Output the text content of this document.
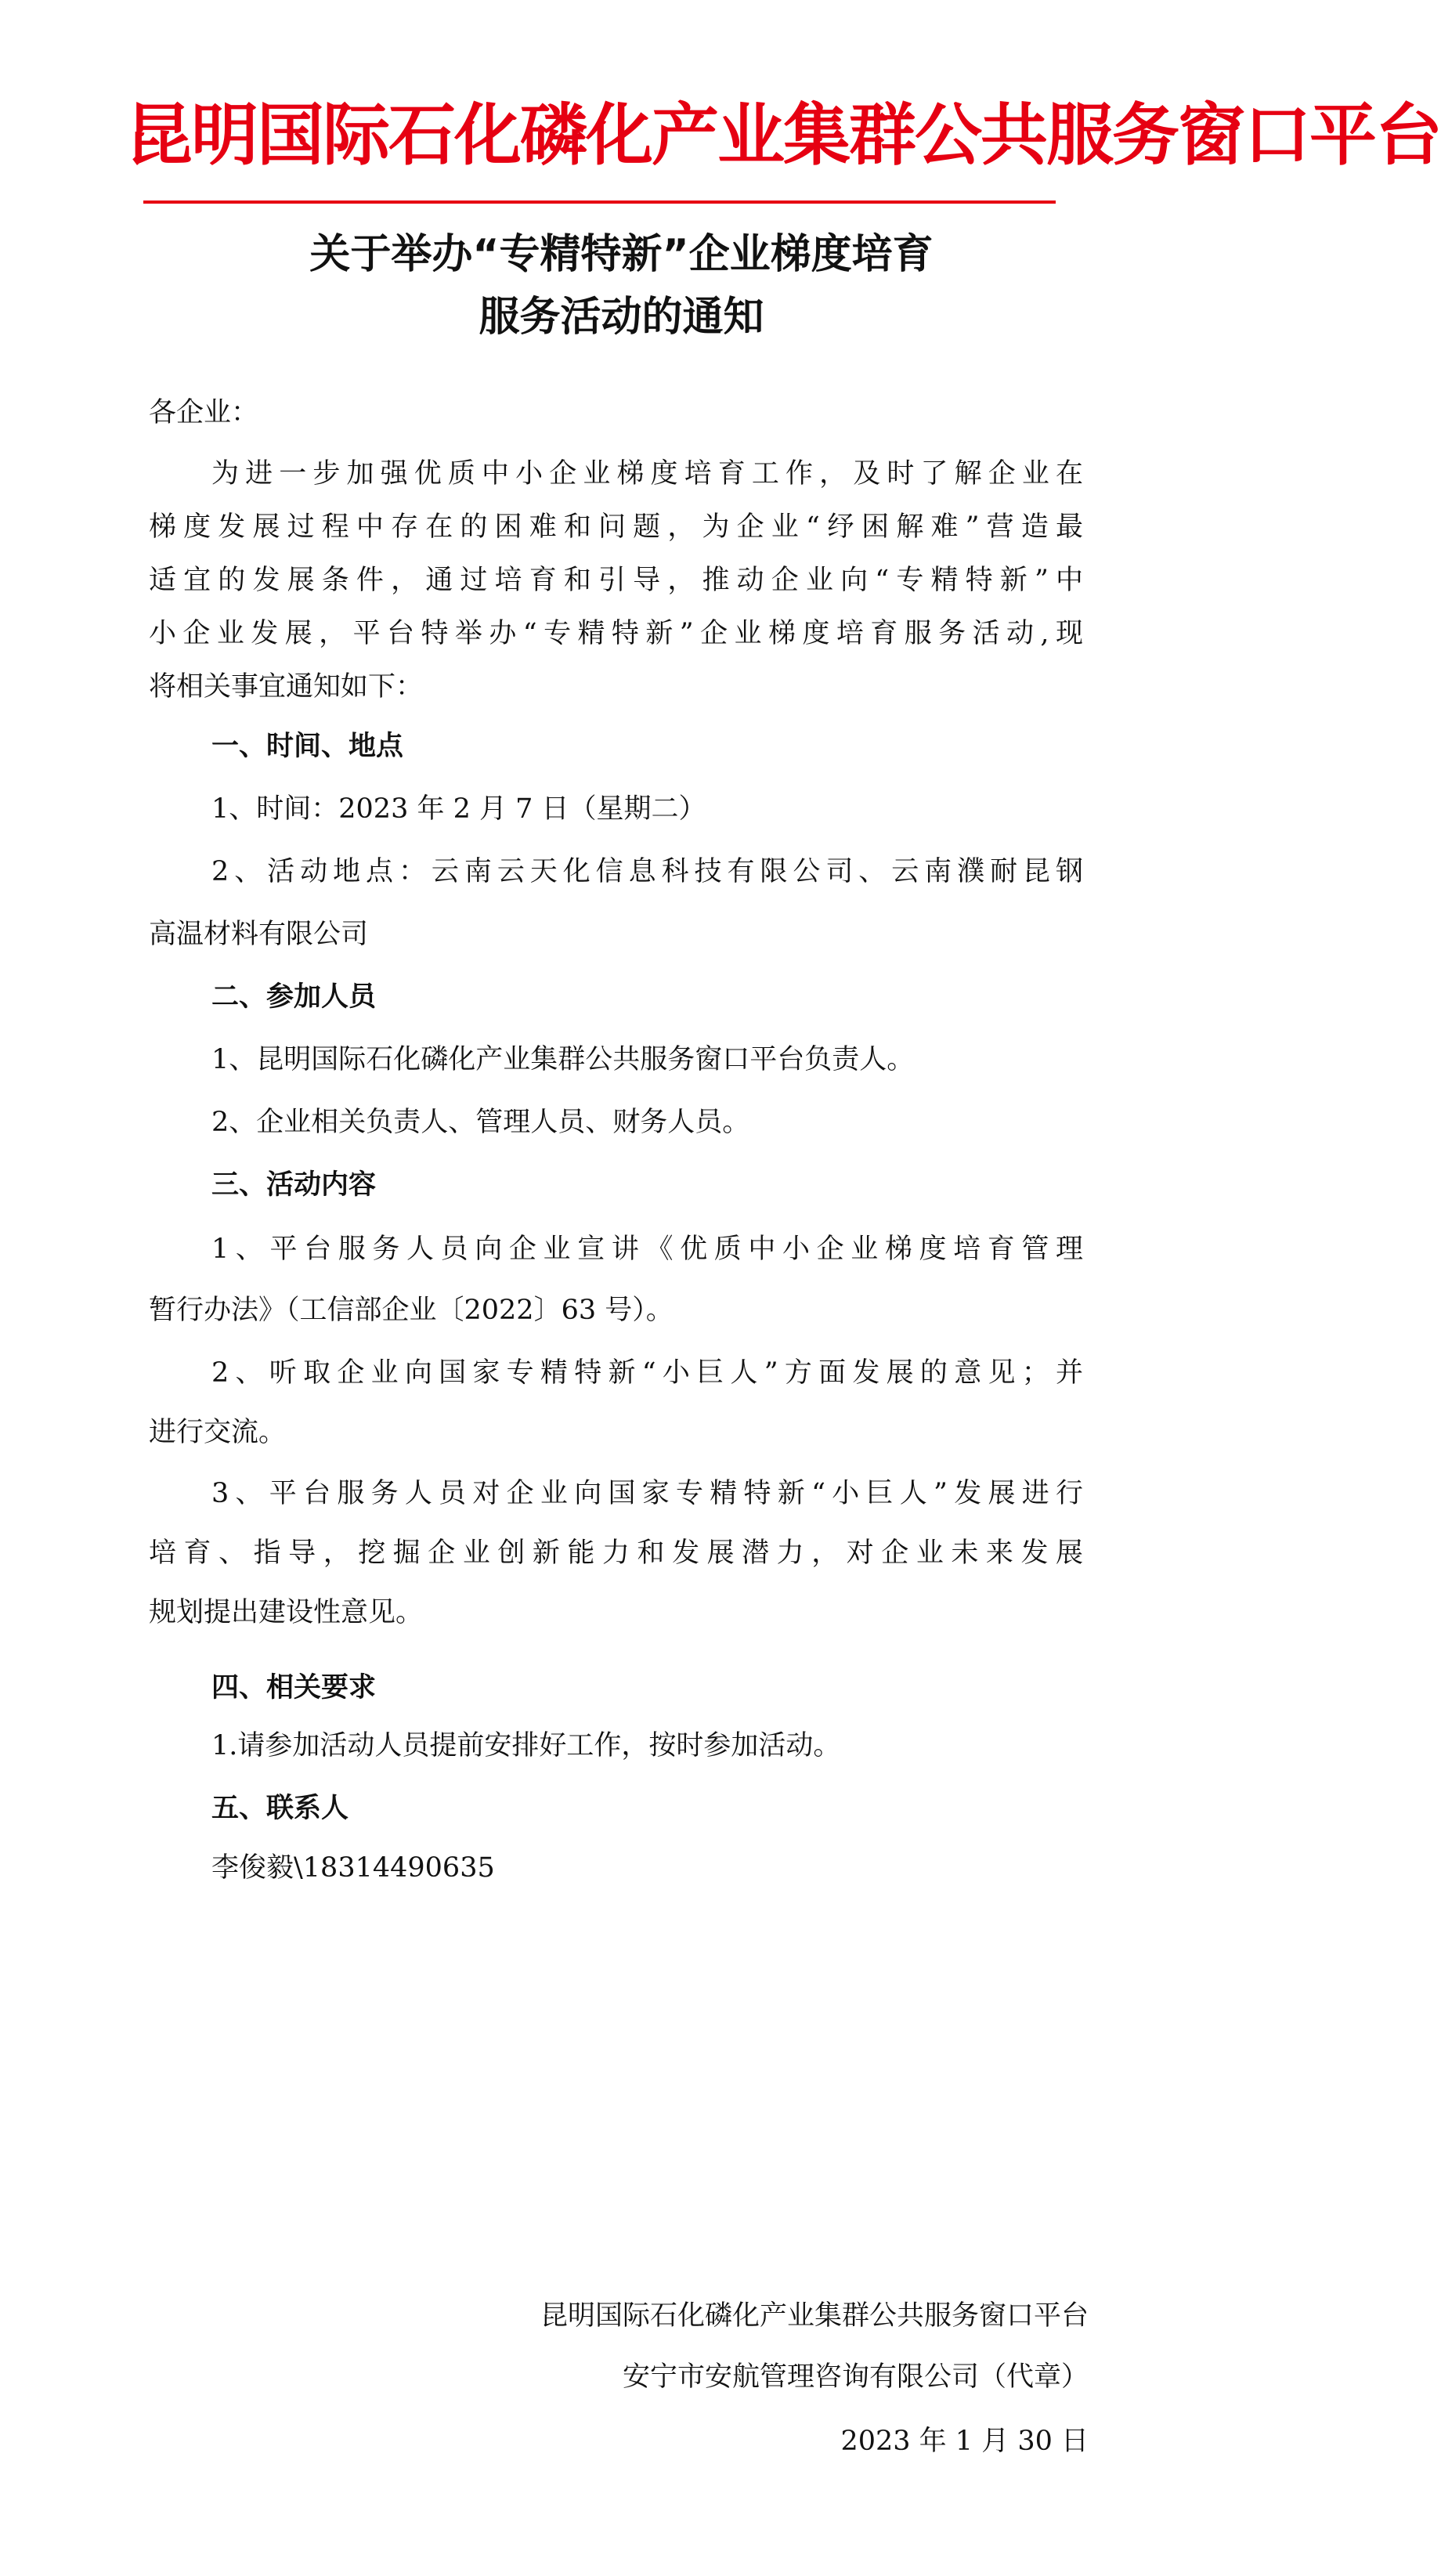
昆明国际石化磷化产业集群公共服务窗口平台
关于举办“专精特新”企业梯度培育
服务活动的通知
各企业：
为进一步加强优质中小企业梯度培育工作，及时了解企业在
梯度发展过程中存在的困难和问题，为企业“纾困解难”营造最
适宜的发展条件，通过培育和引导，推动企业向“专精特新”中
小企业发展，平台特举办“专精特新”企业梯度培育服务活动,现
将相关事宜通知如下：
一、时间、地点
1、时间：2023 年 2 月 7 日（星期二）
2、活动地点：云南云天化信息科技有限公司、云南濮耐昆钢
高温材料有限公司
二、参加人员
1、昆明国际石化磷化产业集群公共服务窗口平台负责人。
2、企业相关负责人、管理人员、财务人员。
三、活动内容
1、平台服务人员向企业宣讲《优质中小企业梯度培育管理
暂行办法》（工信部企业〔2022〕63 号）。
2、听取企业向国家专精特新“小巨人”方面发展的意见；并
进行交流。
3、平台服务人员对企业向国家专精特新“小巨人”发展进行
培育、指导，挖掘企业创新能力和发展潜力，对企业未来发展
规划提出建设性意见。
四、相关要求
1.请参加活动人员提前安排好工作，按时参加活动。
五、联系人
李俊毅\18314490635
昆明国际石化磷化产业集群公共服务窗口平台
安宁市安航管理咨询有限公司（代章）
2023 年 1 月 30 日
